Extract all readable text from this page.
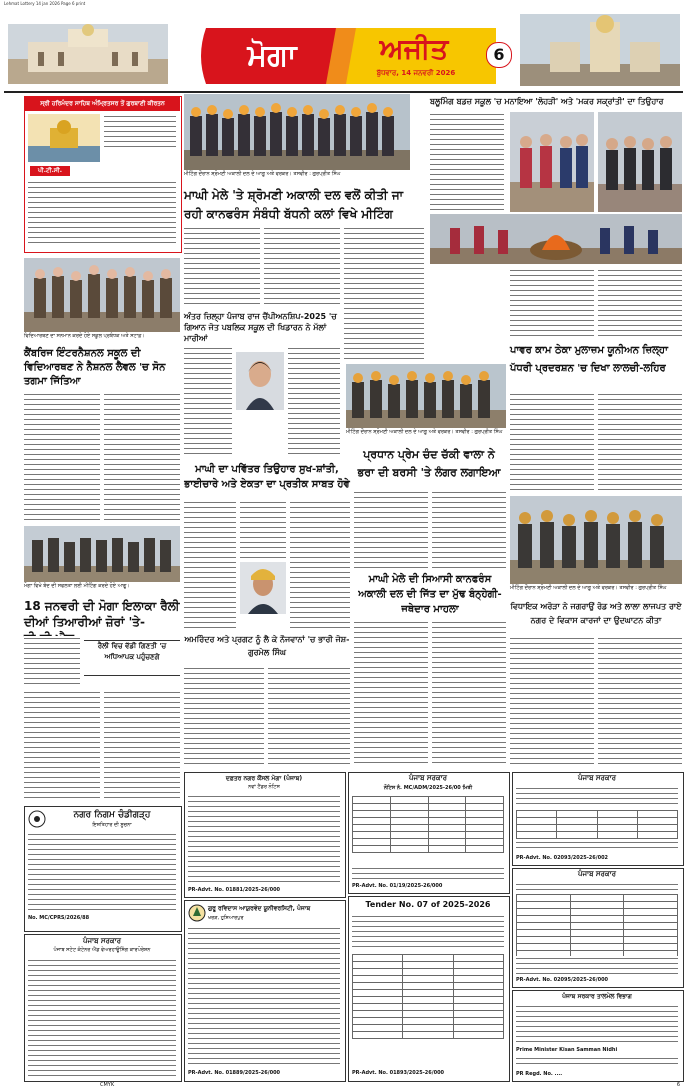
Lehmat Lottery 14 jan 2026 Page 6 print
ਅਜੀਤ ਸੰਮਿਤ
ਮੋਗਾ	ਅਜੀਤ
ਬੁੱਧਵਾਰ, 14 ਜਨਵਰੀ 2026
6
ਸ੍ਰੀ ਹਰਿਮੰਦਰ ਸਾਹਿਬ ਅੰਮ੍ਰਿਤਸਰ ਤੋਂ ਗੁਰਬਾਣੀ ਕੀਰਤਨ
ਪੀ.ਟੀ.ਸੀ.
ਵਿਦਿਆਰਥਣ ਦਾ ਸਨਮਾਨ ਕਰਦੇ ਹੋਏ ਸਕੂਲ ਪ੍ਰਬੰਧਕ ਅਤੇ ਸਟਾਫ਼।
ਕੈਂਬਰਿਜ ਇੰਟਰਨੈਸ਼ਨਲ ਸਕੂਲ ਦੀ ਵਿਦਿਆਰਥਣ ਨੇ ਨੈਸ਼ਨਲ ਲੈਵਲ 'ਚ ਸੋਨ ਤਗਮਾ ਜਿੱਤਿਆ
ਮੋਗਾ ਵਿਖੇ ਬੰਦ ਦੀ ਸਫਲਤਾ ਲਈ ਮੀਟਿੰਗ ਕਰਦੇ ਹੋਏ ਆਗੂ।
18 ਜਨਵਰੀ ਦੀ ਮੋਗਾ ਇਲਾਕਾ ਰੈਲੀ ਦੀਆਂ ਤਿਆਰੀਆਂ ਜ਼ੋਰਾਂ 'ਤੇ-
ਰੈਲੀ ਵਿਚ ਵੱਡੀ ਗਿਣਤੀ 'ਚ ਅਧਿਆਪਕ ਪਹੁੰਚਣਗੇ
ਨਗਰ ਨਿਗਮ ਚੰਡੀਗੜ੍ਹ
ਇਸ਼ਤਿਹਾਰ ਦੀ ਸੂਚਨਾ
No. MC/CPRS/2026/88
ਪੰਜਾਬ ਸਰਕਾਰ
ਪੰਜਾਬ ਸਟੇਟ ਕੰਟੇਨਰ ਐਂਡ ਵੇਅਰਹਾਊਸਿੰਗ ਕਾਰਪੋਰੇਸ਼ਨ
ਮੀਟਿੰਗ ਦੌਰਾਨ ਸ਼੍ਰੋਮਣੀ ਅਕਾਲੀ ਦਲ ਦੇ ਆਗੂ ਅਤੇ ਵਰਕਰ। ਤਸਵੀਰ : ਗੁਰਪ੍ਰੀਤ ਸਿੰਘ
ਮਾਘੀ ਮੇਲੇ 'ਤੇ ਸ਼੍ਰੋਮਣੀ ਅਕਾਲੀ ਦਲ ਵਲੋਂ ਕੀਤੀ ਜਾ
ਰਹੀ ਕਾਨਫਰੰਸ ਸੰਬੰਧੀ ਬੱਧਨੀ ਕਲਾਂ ਵਿਖੇ ਮੀਟਿੰਗ
ਅੰਤਰ ਜ਼ਿਲ੍ਹਾ ਪੰਜਾਬ ਰਾਜ ਚੈਂਪੀਅਨਸ਼ਿਪ-2025 'ਚ ਗਿਆਨ ਜੋਤ ਪਬਲਿਕ ਸਕੂਲ ਦੀ ਖਿਡਾਰਨ ਨੇ ਮੱਲਾਂ ਮਾਰੀਆਂ
ਮਾਘੀ ਦਾ ਪਵਿੱਤਰ ਤਿਉਹਾਰ ਸੁਖ-ਸ਼ਾਂਤੀ, ਭਾਈਚਾਰੇ ਅਤੇ ਏਕਤਾ ਦਾ ਪ੍ਰਤੀਕ ਸਾਬਤ ਹੋਵੇ
ਅਮਰਿੰਦਰ ਅਤੇ ਪ੍ਰਗਟ ਨੂੰ ਲੈ ਕੇ ਨੌਜਵਾਨਾਂ 'ਚ ਭਾਰੀ ਜੋਸ਼-ਗੁਰਮੇਲ ਸਿੰਘ
ਮੀਟਿੰਗ ਦੌਰਾਨ ਸ਼੍ਰੋਮਣੀ ਅਕਾਲੀ ਦਲ ਦੇ ਆਗੂ ਅਤੇ ਵਰਕਰ। ਤਸਵੀਰ : ਗੁਰਪ੍ਰੀਤ ਸਿੰਘ
ਪ੍ਰਧਾਨ ਪ੍ਰੇਮ ਚੰਦ ਚੱਕੀ ਵਾਲਾ ਨੇ ਭਰਾ ਦੀ ਬਰਸੀ 'ਤੇ ਲੰਗਰ ਲਗਾਇਆ
ਮਾਘੀ ਮੇਲੇ ਦੀ ਸਿਆਸੀ ਕਾਨਫਰੰਸ ਅਕਾਲੀ ਦਲ ਦੀ ਜਿੱਤ ਦਾ ਮੁੱਢ ਬੰਨ੍ਹੇਗੀ-ਜਥੇਦਾਰ ਮਾਹਲਾ
ਬਲੂਮਿੰਗ ਬਡਜ਼ ਸਕੂਲ 'ਚ ਮਨਾਇਆ 'ਲੋਹੜੀ' ਅਤੇ 'ਮਕਰ ਸਕ੍ਰਾਂਤੀ' ਦਾ ਤਿਉਹਾਰ
ਪਾਵਰ ਕਾਮ ਠੇਕਾ ਮੁਲਾਜ਼ਮ ਯੂਨੀਅਨ ਜ਼ਿਲ੍ਹਾ ਪੱਧਰੀ ਪ੍ਰਦਰਸ਼ਨ 'ਚ ਦਿਖਾ ਲਾਲਚੀ-ਲਹਿਰ
ਮੀਟਿੰਗ ਦੌਰਾਨ ਸ਼੍ਰੋਮਣੀ ਅਕਾਲੀ ਦਲ ਦੇ ਆਗੂ ਅਤੇ ਵਰਕਰ। ਤਸਵੀਰ : ਗੁਰਪ੍ਰੀਤ ਸਿੰਘ
ਵਿਧਾਇਕ ਅਰੋੜਾ ਨੇ ਜਗਰਾਉਂ ਰੋਡ ਅਤੇ ਲਾਲਾ ਲਾਜਪਤ ਰਾਏ ਨਗਰ ਦੇ ਵਿਕਾਸ ਕਾਰਜਾਂ ਦਾ ਉਦਘਾਟਨ ਕੀਤਾ
ਦਫ਼ਤਰ ਨਗਰ ਕੌਂਸਲ ਮੋਗਾ (ਪੰਜਾਬ)
ਨਵਾਂ ਟੈਂਡਰ ਨੋਟਿਸ
PR-Advt. No. 01881/2025-26/000
ਗੁਰੂ ਰਵਿਦਾਸ ਆਯੁਰਵੇਦ ਯੂਨੀਵਰਸਿਟੀ, ਪੰਜਾਬ
ਖਰੜ, ਹੁਸ਼ਿਆਰਪੁਰ
PR-Advt. No. 01889/2025-26/000
ਪੰਜਾਬ ਸਰਕਾਰ
ਨੋਟਿਸ ਨੰ. MC/ADM/2025-26/00 ਮਿਤੀ

PR-Advt. No. 01/19/2025-26/000
Tender No. 07 of 2025-2026

PR-Advt. No. 01893/2025-26/000
ਪੰਜਾਬ ਸਰਕਾਰ

PR-Advt. No. 02093/2025-26/002
ਪੰਜਾਬ ਸਰਕਾਰ

PR-Advt. No. 02095/2025-26/000
ਪੰਜਾਬ ਸਰਕਾਰ ਤਾਲਮੇਲ ਵਿਭਾਗ
Prime Minister Kisan Samman Nidhi
PR Regd. No. ....
CMYK	6
